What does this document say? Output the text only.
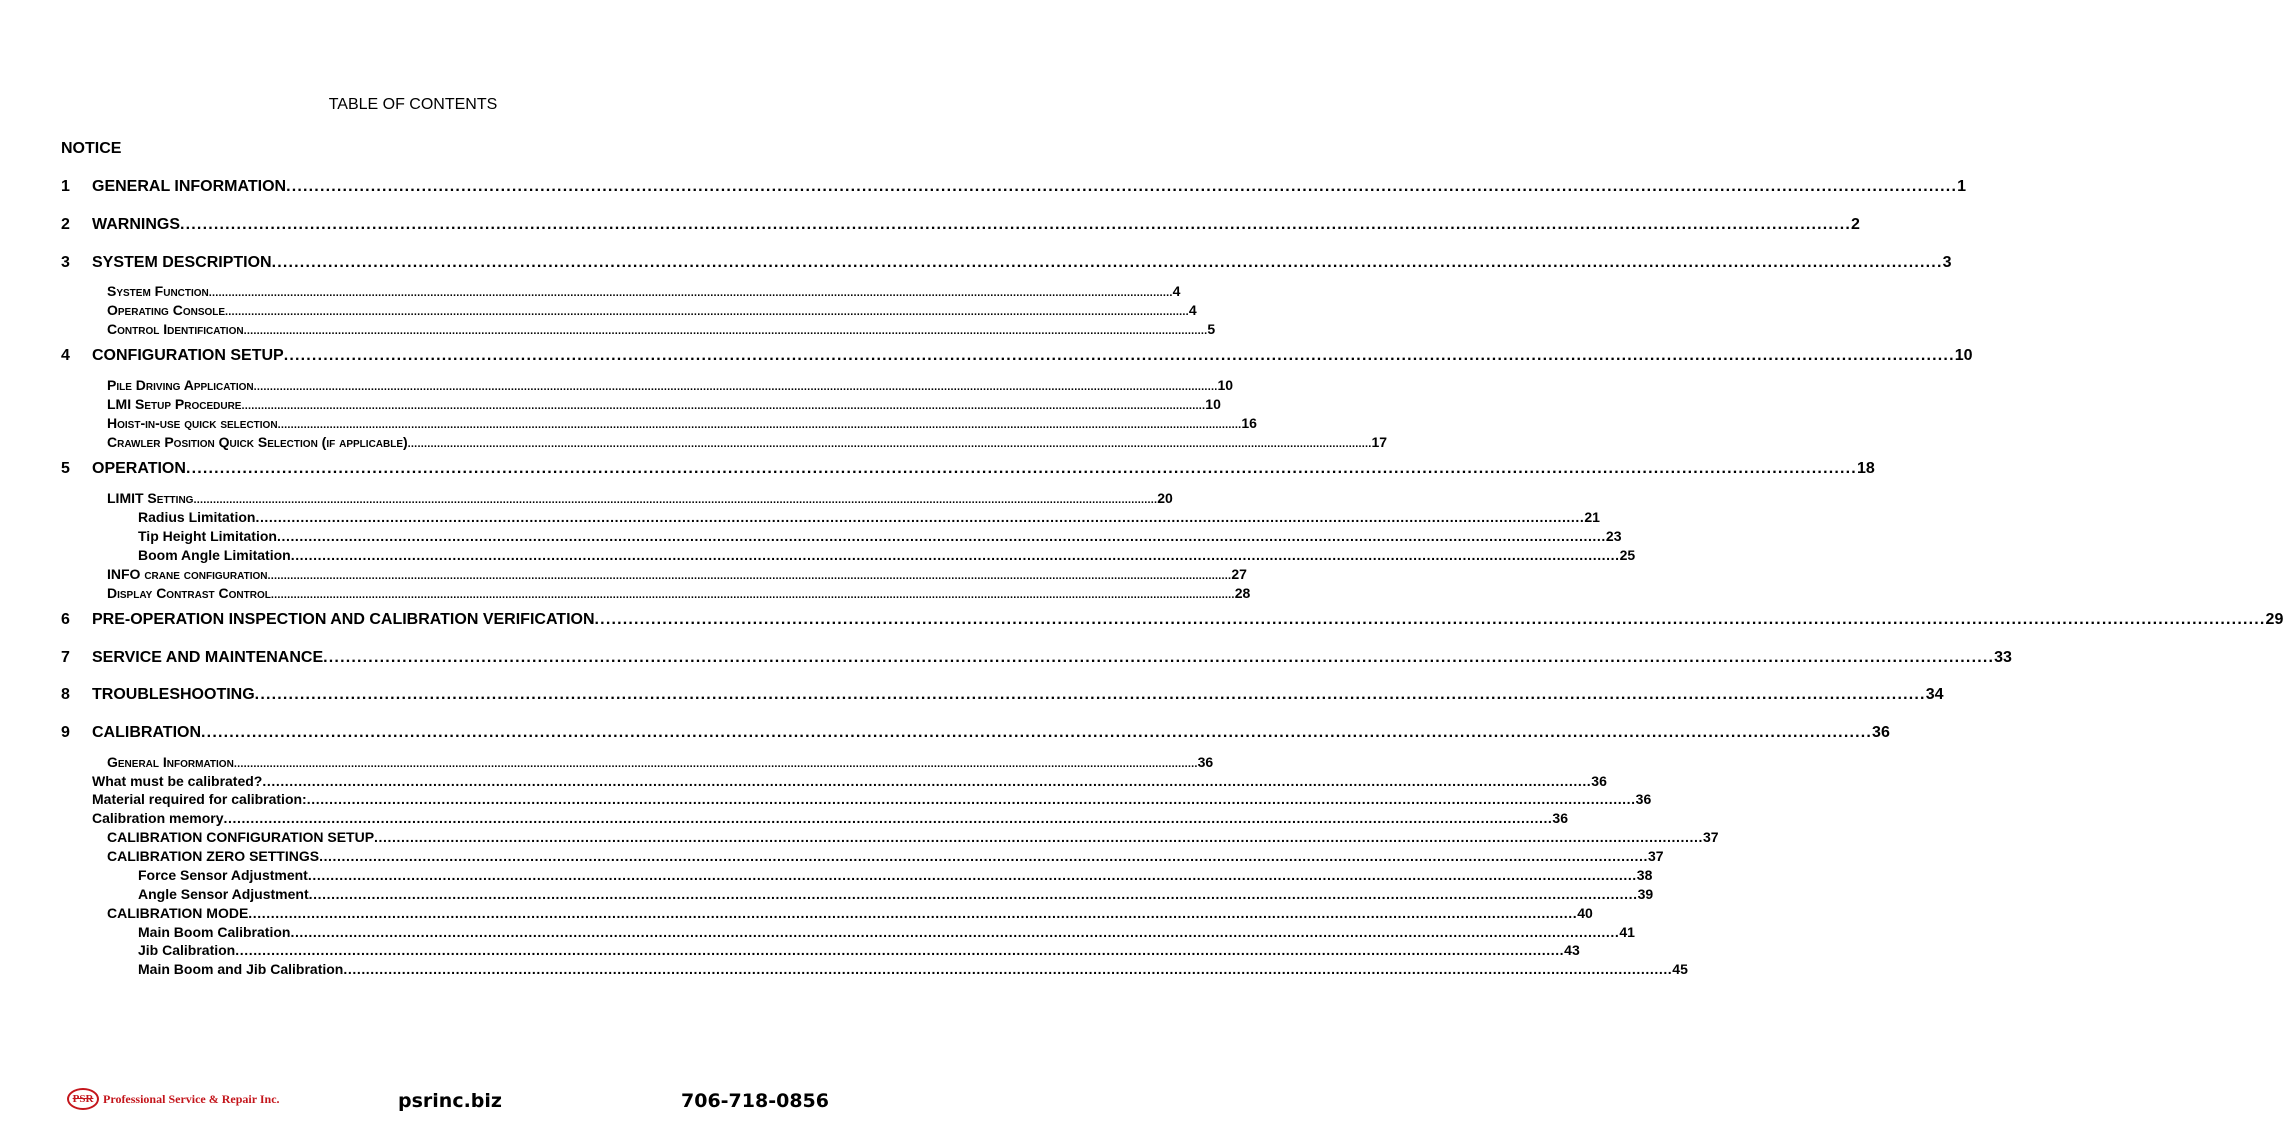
TABLE OF CONTENTS
NOTICE
1 GENERAL INFORMATION .....	1
2 WARNINGS .....	2
3 SYSTEM DESCRIPTION .....	3
System Function .....	4
Operating Console .....	4
Control Identification .....	5
4 CONFIGURATION SETUP .....	10
Pile Driving Application .....	10
LMI Setup Procedure .....	10
Hoist-in-use quick selection .....	16
Crawler Position Quick Selection (if applicable) .....	17
5 OPERATION .....	18
LIMIT Setting .....	20
Radius Limitation .....	21
Tip Height Limitation .....	23
Boom Angle Limitation .....	25
INFO crane configuration .....	27
Display Contrast Control .....	28
6 PRE-OPERATION INSPECTION AND CALIBRATION VERIFICATION .....	29
7 SERVICE AND MAINTENANCE .....	33
8 TROUBLESHOOTING .....	34
9 CALIBRATION .....	36
General Information .....	36
What must be calibrated? .....	36
Material required for calibration: .....	36
Calibration memory .....	36
CALIBRATION CONFIGURATION SETUP .....	37
CALIBRATION ZERO SETTINGS .....	37
Force Sensor Adjustment .....	38
Angle Sensor Adjustment .....	39
CALIBRATION MODE .....	40
Main Boom Calibration .....	41
Jib Calibration .....	43
Main Boom and Jib Calibration .....	45
PSR Professional Service & Repair Inc.	psrinc.biz	706-718-0856
